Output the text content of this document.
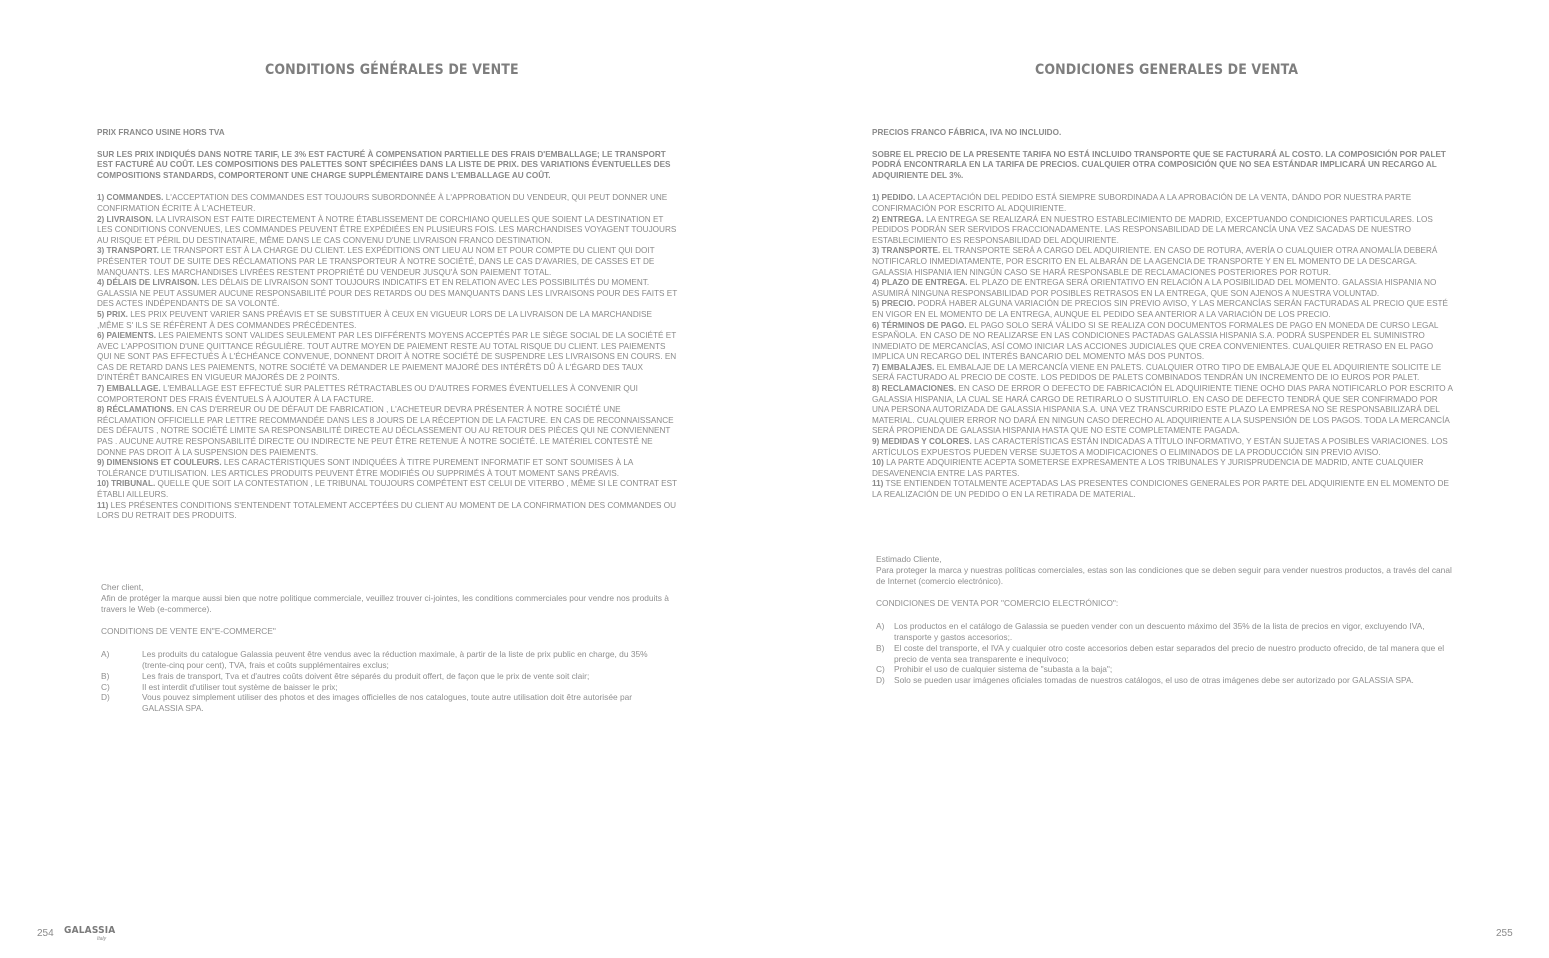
CONDITIONS GÉNÉRALES DE VENTE

PRIX FRANCO USINE HORS TVA

SUR LES PRIX INDIQUÉS DANS NOTRE TARIF, LE 3% EST FACTURÉ À COMPENSATION PARTIELLE DES FRAIS D'EMBALLAGE; LE TRANSPORT EST FACTURÉ AU COÛT. LES COMPOSITIONS DES PALETTES SONT SPÉCIFIÉES DANS LA LISTE DE PRIX. DES VARIATIONS ÉVENTUELLES DES COMPOSITIONS STANDARDS, COMPORTERONT UNE CHARGE SUPPLÉMENTAIRE DANS L'EMBALLAGE AU COÛT.

1) COMMANDES. L'ACCEPTATION DES COMMANDES EST TOUJOURS SUBORDONNÉE À L'APPROBATION DU VENDEUR, QUI PEUT DONNER UNE CONFIRMATION ÉCRITE À L'ACHETEUR.

2) LIVRAISON. LA LIVRAISON EST FAITE DIRECTEMENT À NOTRE ÉTABLISSEMENT DE CORCHIANO QUELLES QUE SOIENT LA DESTINATION ET LES CONDITIONS CONVENUES, LES COMMANDES PEUVENT ÊTRE EXPÉDIÉES EN PLUSIEURS FOIS. LES MARCHANDISES VOYAGENT TOUJOURS AU RISQUE ET PÉRIL DU DESTINATAIRE, MÊME DANS LE CAS CONVENU D'UNE LIVRAISON FRANCO DESTINATION.

3) TRANSPORT. LE TRANSPORT EST À LA CHARGE DU CLIENT. LES EXPÉDITIONS ONT LIEU AU NOM ET POUR COMPTE DU CLIENT QUI DOIT PRÉSENTER TOUT DE SUITE DES RÉCLAMATIONS PAR LE TRANSPORTEUR À NOTRE SOCIÉTÉ, DANS LE CAS D'AVARIES, DE CASSES ET DE MANQUANTS. LES MARCHANDISES LIVRÉES RESTENT PROPRIÉTÉ DU VENDEUR JUSQU'À SON PAIEMENT TOTAL.

4) DÉLAIS DE LIVRAISON. LES DÉLAIS DE LIVRAISON SONT TOUJOURS INDICATIFS ET EN RELATION AVEC LES POSSIBILITÉS DU MOMENT. GALASSIA NE PEUT ASSUMER AUCUNE RESPONSABILITÉ POUR DES RETARDS OU DES MANQUANTS DANS LES LIVRAISONS POUR DES FAITS ET DES ACTES INDÉPENDANTS DE SA VOLONTÉ.

5) PRIX. LES PRIX PEUVENT VARIER SANS PRÉAVIS ET SE SUBSTITUER À CEUX EN VIGUEUR LORS DE LA LIVRAISON DE LA MARCHANDISE ,MÊME S' ILS SE RÉFÈRENT À DES COMMANDES PRÉCÉDENTES.

6) PAIEMENTS. LES PAIEMENTS SONT VALIDES SEULEMENT PAR LES DIFFÉRENTS MOYENS ACCEPTÉS PAR LE SIÈGE SOCIAL DE LA SOCIÉTÉ ET AVEC L'APPOSITION D'UNE QUITTANCE RÉGULIÈRE. TOUT AUTRE MOYEN DE PAIEMENT RESTE AU TOTAL RISQUE DU CLIENT. LES PAIEMENTS QUI NE SONT PAS EFFECTUÉS À L'ÉCHÉANCE CONVENUE, DONNENT DROIT À NOTRE SOCIÉTÉ DE SUSPENDRE LES LIVRAISONS EN COURS. EN CAS DE RETARD DANS LES PAIEMENTS, NOTRE SOCIÉTÉ VA DEMANDER LE PAIEMENT MAJORÉ DES INTÉRÊTS DÛ À L'ÉGARD DES TAUX D'INTÉRÊT BANCAIRES EN VIGUEUR MAJORÉS DE 2 POINTS.

7) EMBALLAGE. L'EMBALLAGE EST EFFECTUÉ SUR PALETTES RÉTRACTABLES OU D'AUTRES FORMES ÉVENTUELLES À CONVENIR QUI COMPORTERONT DES FRAIS ÉVENTUELS À AJOUTER À LA FACTURE.

8) RÉCLAMATIONS. EN CAS D'ERREUR OU DE DÉFAUT DE FABRICATION , L'ACHETEUR DEVRA PRÉSENTER À NOTRE SOCIÉTÉ UNE RÉCLAMATION OFFICIELLE PAR LETTRE RECOMMANDÉE DANS LES 8 JOURS DE LA RÉCEPTION DE LA FACTURE. EN CAS DE RECONNAISSANCE DES DÉFAUTS , NOTRE SOCIÉTÉ LIMITE SA RESPONSABILITÉ DIRECTE AU DÉCLASSEMENT OU AU RETOUR DES PIÈCES QUI NE CONVIENNENT PAS . AUCUNE AUTRE RESPONSABILITÉ DIRECTE OU INDIRECTE NE PEUT ÊTRE RETENUE À NOTRE SOCIÉTÉ. LE MATÉRIEL CONTESTÉ NE DONNE PAS DROIT À LA SUSPENSION DES PAIEMENTS.

9) DIMENSIONS ET COULEURS. LES CARACTÉRISTIQUES SONT INDIQUÉES À TITRE PUREMENT INFORMATIF ET SONT SOUMISES À LA TOLÉRANCE D'UTILISATION. LES ARTICLES PRODUITS PEUVENT ÊTRE MODIFIÉS OU SUPPRIMÉS À TOUT MOMENT SANS PRÉAVIS.

10) TRIBUNAL. QUELLE QUE SOIT LA CONTESTATION , LE TRIBUNAL TOUJOURS COMPÉTENT EST CELUI DE VITERBO , MÊME SI LE CONTRAT EST ÉTABLI AILLEURS.

11) LES PRÉSENTES CONDITIONS S'ENTENDENT TOTALEMENT ACCEPTÉES DU CLIENT AU MOMENT DE LA CONFIRMATION DES COMMANDES OU LORS DU RETRAIT DES PRODUITS.

Cher client,

Afin de protéger la marque aussi bien que notre politique commerciale, veuillez trouver ci-jointes, les conditions commerciales pour vendre nos produits à travers le Web (e-commerce).

CONDITIONS DE VENTE EN"E-COMMERCE"

A)	Les produits du catalogue Galassia peuvent être vendus avec la réduction maximale, à partir de la liste de prix public en charge, du 35% (trente-cinq pour cent), TVA, frais et coûts supplémentaires exclus;
B)	Les frais de transport, Tva et d'autres coûts doivent être séparés du produit offert, de façon que le prix de vente soit clair;
C)	Il est interdit d'utiliser tout système de baisser le prix;
D)	Vous pouvez simplement utiliser des photos et des images officielles de nos catalogues, toute autre utilisation doit être autorisée par GALASSIA SPA.
254 GALASSIA
Italy
CONDICIONES GENERALES DE VENTA

PRECIOS FRANCO FÁBRICA, IVA NO INCLUIDO.

SOBRE EL PRECIO DE LA PRESENTE TARIFA NO ESTÁ INCLUIDO TRANSPORTE QUE SE FACTURARÁ AL COSTO. LA COMPOSICIÓN POR PALET PODRÁ ENCONTRARLA EN LA TARIFA DE PRECIOS. CUALQUIER OTRA COMPOSICIÓN QUE NO SEA ESTÁNDAR IMPLICARÁ UN RECARGO AL ADQUIRIENTE DEL 3%.

1) PEDIDO. LA ACEPTACIÓN DEL PEDIDO ESTÁ SIEMPRE SUBORDINADA A LA APROBACIÓN DE LA VENTA, DÁNDO POR NUESTRA PARTE CONFIRMACIÓN POR ESCRITO AL ADQUIRIENTE.

2) ENTREGA. LA ENTREGA SE REALIZARÁ EN NUESTRO ESTABLECIMIENTO DE MADRID, EXCEPTUANDO CONDICIONES PARTICULARES. LOS PEDIDOS PODRÁN SER SERVIDOS FRACCIONADAMENTE. LAS RESPONSABILIDAD DE LA MERCANCÍA UNA VEZ SACADAS DE NUESTRO ESTABLECIMIENTO ES RESPONSABILIDAD DEL ADQUIRIENTE.

3) TRANSPORTE. EL TRANSPORTE SERÁ A CARGO DEL ADQUIRIENTE. EN CASO DE ROTURA, AVERÍA O CUALQUIER OTRA ANOMALÍA DEBERÁ NOTIFICARLO INMEDIATAMENTE, POR ESCRITO EN EL ALBARÁN DE LA AGENCIA DE TRANSPORTE Y EN EL MOMENTO DE LA DESCARGA. GALASSIA HISPANIA IEN NINGÚN CASO SE HARÁ RESPONSABLE DE RECLAMACIONES POSTERIORES POR ROTUR.

4) PLAZO DE ENTREGA. EL PLAZO DE ENTREGA SERÁ ORIENTATIVO EN RELACIÓN A LA POSIBILIDAD DEL MOMENTO. GALASSIA HISPANIA NO ASUMIRÁ NINGUNA RESPONSABILIDAD POR POSIBLES RETRASOS EN LA ENTREGA, QUE SON AJENOS A NUESTRA VOLUNTAD.

5) PRECIO. PODRÁ HABER ALGUNA VARIACIÓN DE PRECIOS SIN PREVIO AVISO, Y LAS MERCANCÍAS SERÁN FACTURADAS AL PRECIO QUE ESTÉ EN VIGOR EN EL MOMENTO DE LA ENTREGA, AUNQUE EL PEDIDO SEA ANTERIOR A LA VARIACIÓN DE LOS PRECIO.

6) TÉRMINOS DE PAGO. EL PAGO SOLO SERÁ VÁLIDO SI SE REALIZA CON DOCUMENTOS FORMALES DE PAGO EN MONEDA DE CURSO LEGAL ESPAÑOLA. EN CASO DE NO REALIZARSE EN LAS CONDICIONES PACTADAS GALASSIA HISPANIA S.A. PODRÁ SUSPENDER EL SUMINISTRO INMEDIATO DE MERCANCÍAS, ASÍ COMO INICIAR LAS ACCIONES JUDICIALES QUE CREA CONVENIENTES. CUALQUIER RETRASO EN EL PAGO IMPLICA UN RECARGO DEL INTERÉS BANCARIO DEL MOMENTO MÁS DOS PUNTOS.

7) EMBALAJES. EL EMBALAJE DE LA MERCANCÍA VIENE EN PALETS. CUALQUIER OTRO TIPO DE EMBALAJE QUE EL ADQUIRIENTE SOLICITE LE SERÁ FACTURADO AL PRECIO DE COSTE. LOS PEDIDOS DE PALETS COMBINADOS TENDRÁN UN INCREMENTO DE IO EUROS POR PALET.

8) RECLAMACIONES. EN CASO DE ERROR O DEFECTO DE FABRICACIÓN EL ADQUIRIENTE TIENE OCHO DIAS PARA NOTIFICARLO POR ESCRITO A GALASSIA HISPANIA, LA CUAL SE HARÁ CARGO DE RETIRARLO O SUSTITUIRLO. EN CASO DE DEFECTO TENDRÁ QUE SER CONFIRMADO POR UNA PERSONA AUTORIZADA DE GALASSIA HISPANIA S.A. UNA VEZ TRANSCURRIDO ESTE PLAZO LA EMPRESA NO SE RESPONSABILIZARÁ DEL MATERIAL. CUALQUIER ERROR NO DARÁ EN NINGUN CASO DERECHO AL ADQUIRIENTE A LA SUSPENSIÓN DE LOS PAGOS. TODA LA MERCANCÍA SERÁ PROPIENDA DE GALASSIA HISPANIA HASTA QUE NO ESTE COMPLETAMENTE PAGADA.

9) MEDIDAS Y COLORES. LAS CARACTERÍSTICAS ESTÁN INDICADAS A TÍTULO INFORMATIVO, Y ESTÁN SUJETAS A POSIBLES VARIACIONES. LOS ARTÍCULOS EXPUESTOS PUEDEN VERSE SUJETOS A MODIFICACIONES O ELIMINADOS DE LA PRODUCCIÓN SIN PREVIO AVISO.

10) LA PARTE ADQUIRIENTE ACEPTA SOMETERSE EXPRESAMENTE A LOS TRIBUNALES Y JURISPRUDENCIA DE MADRID, ANTE CUALQUIER DESAVENENCIA ENTRE LAS PARTES.

11) TSE ENTIENDEN TOTALMENTE ACEPTADAS LAS PRESENTES CONDICIONES GENERALES POR PARTE DEL ADQUIRIENTE EN EL MOMENTO DE LA REALIZACIÓN DE UN PEDIDO O EN LA RETIRADA DE MATERIAL.

Estimado Cliente,

Para proteger la marca y nuestras políticas comerciales, estas son las condiciones que se deben seguir para vender nuestros productos, a través del canal de Internet (comercio electrónico).

CONDICIONES DE VENTA POR "COMERCIO ELECTRÓNICO":

A) Los productos en el catálogo de Galassia se pueden vender con un descuento máximo del 35% de la lista de precios en vigor, excluyendo IVA, transporte y gastos accesorios;.
B) El coste del transporte, el IVA y cualquier otro coste accesorios deben estar separados del precio de nuestro producto ofrecido, de tal manera que el precio de venta sea transparente e inequívoco;
C) Prohibir el uso de cualquier sistema de "subasta a la baja";
D) Solo se pueden usar imágenes oficiales tomadas de nuestros catálogos, el uso de otras imágenes debe ser autorizado por GALASSIA SPA.
255
